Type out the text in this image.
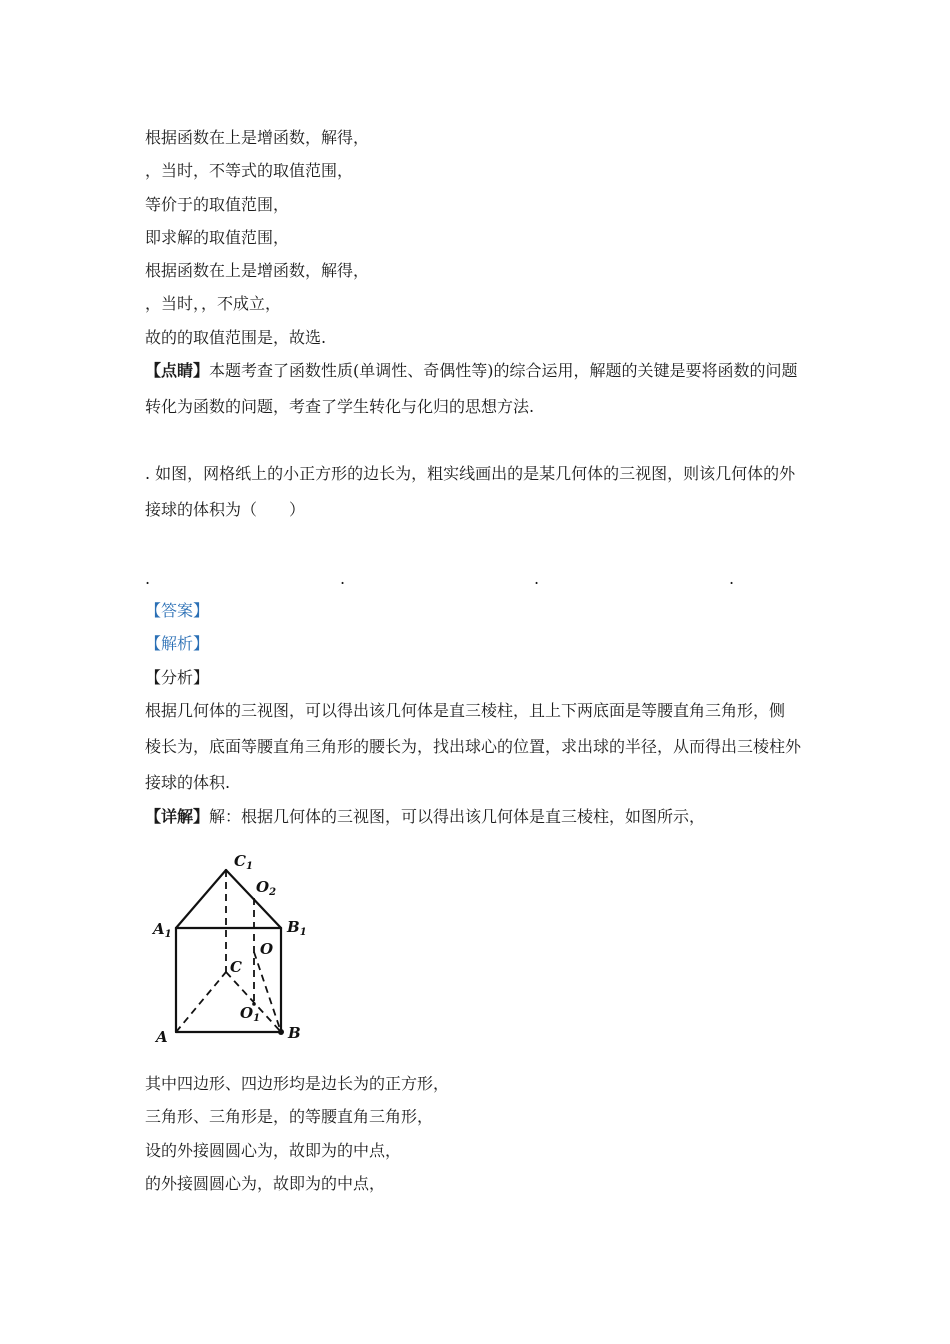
根据函数在上是增函数，解得，
，当时，不等式的取值范围，
等价于的取值范围，
即求解的取值范围，
根据函数在上是增函数，解得，
，当时，，不成立，
故的的取值范围是，故选.
【点睛】本题考查了函数性质(单调性、奇偶性等)的综合运用，解题的关键是要将函数的问题
转化为函数的问题，考查了学生转化与化归的思想方法.
. 如图，网格纸上的小正方形的边长为，粗实线画出的是某几何体的三视图，则该几何体的外
接球的体积为（　　）
.	.	.	.
【答案】
【解析】
【分析】
根据几何体的三视图，可以得出该几何体是直三棱柱，且上下两底面是等腰直角三角形，侧
棱长为，底面等腰直角三角形的腰长为，找出球心的位置，求出球的半径，从而得出三棱柱外
接球的体积.
【详解】解：根据几何体的三视图，可以得出该几何体是直三棱柱，如图所示，
$C_1$
$O_2$
$A_1$	$B_1$
O
C
$O_1$
A	B
其中四边形、四边形均是边长为的正方形，
三角形、三角形是，的等腰直角三角形，
设的外接圆圆心为，故即为的中点，
的外接圆圆心为，故即为的中点，
